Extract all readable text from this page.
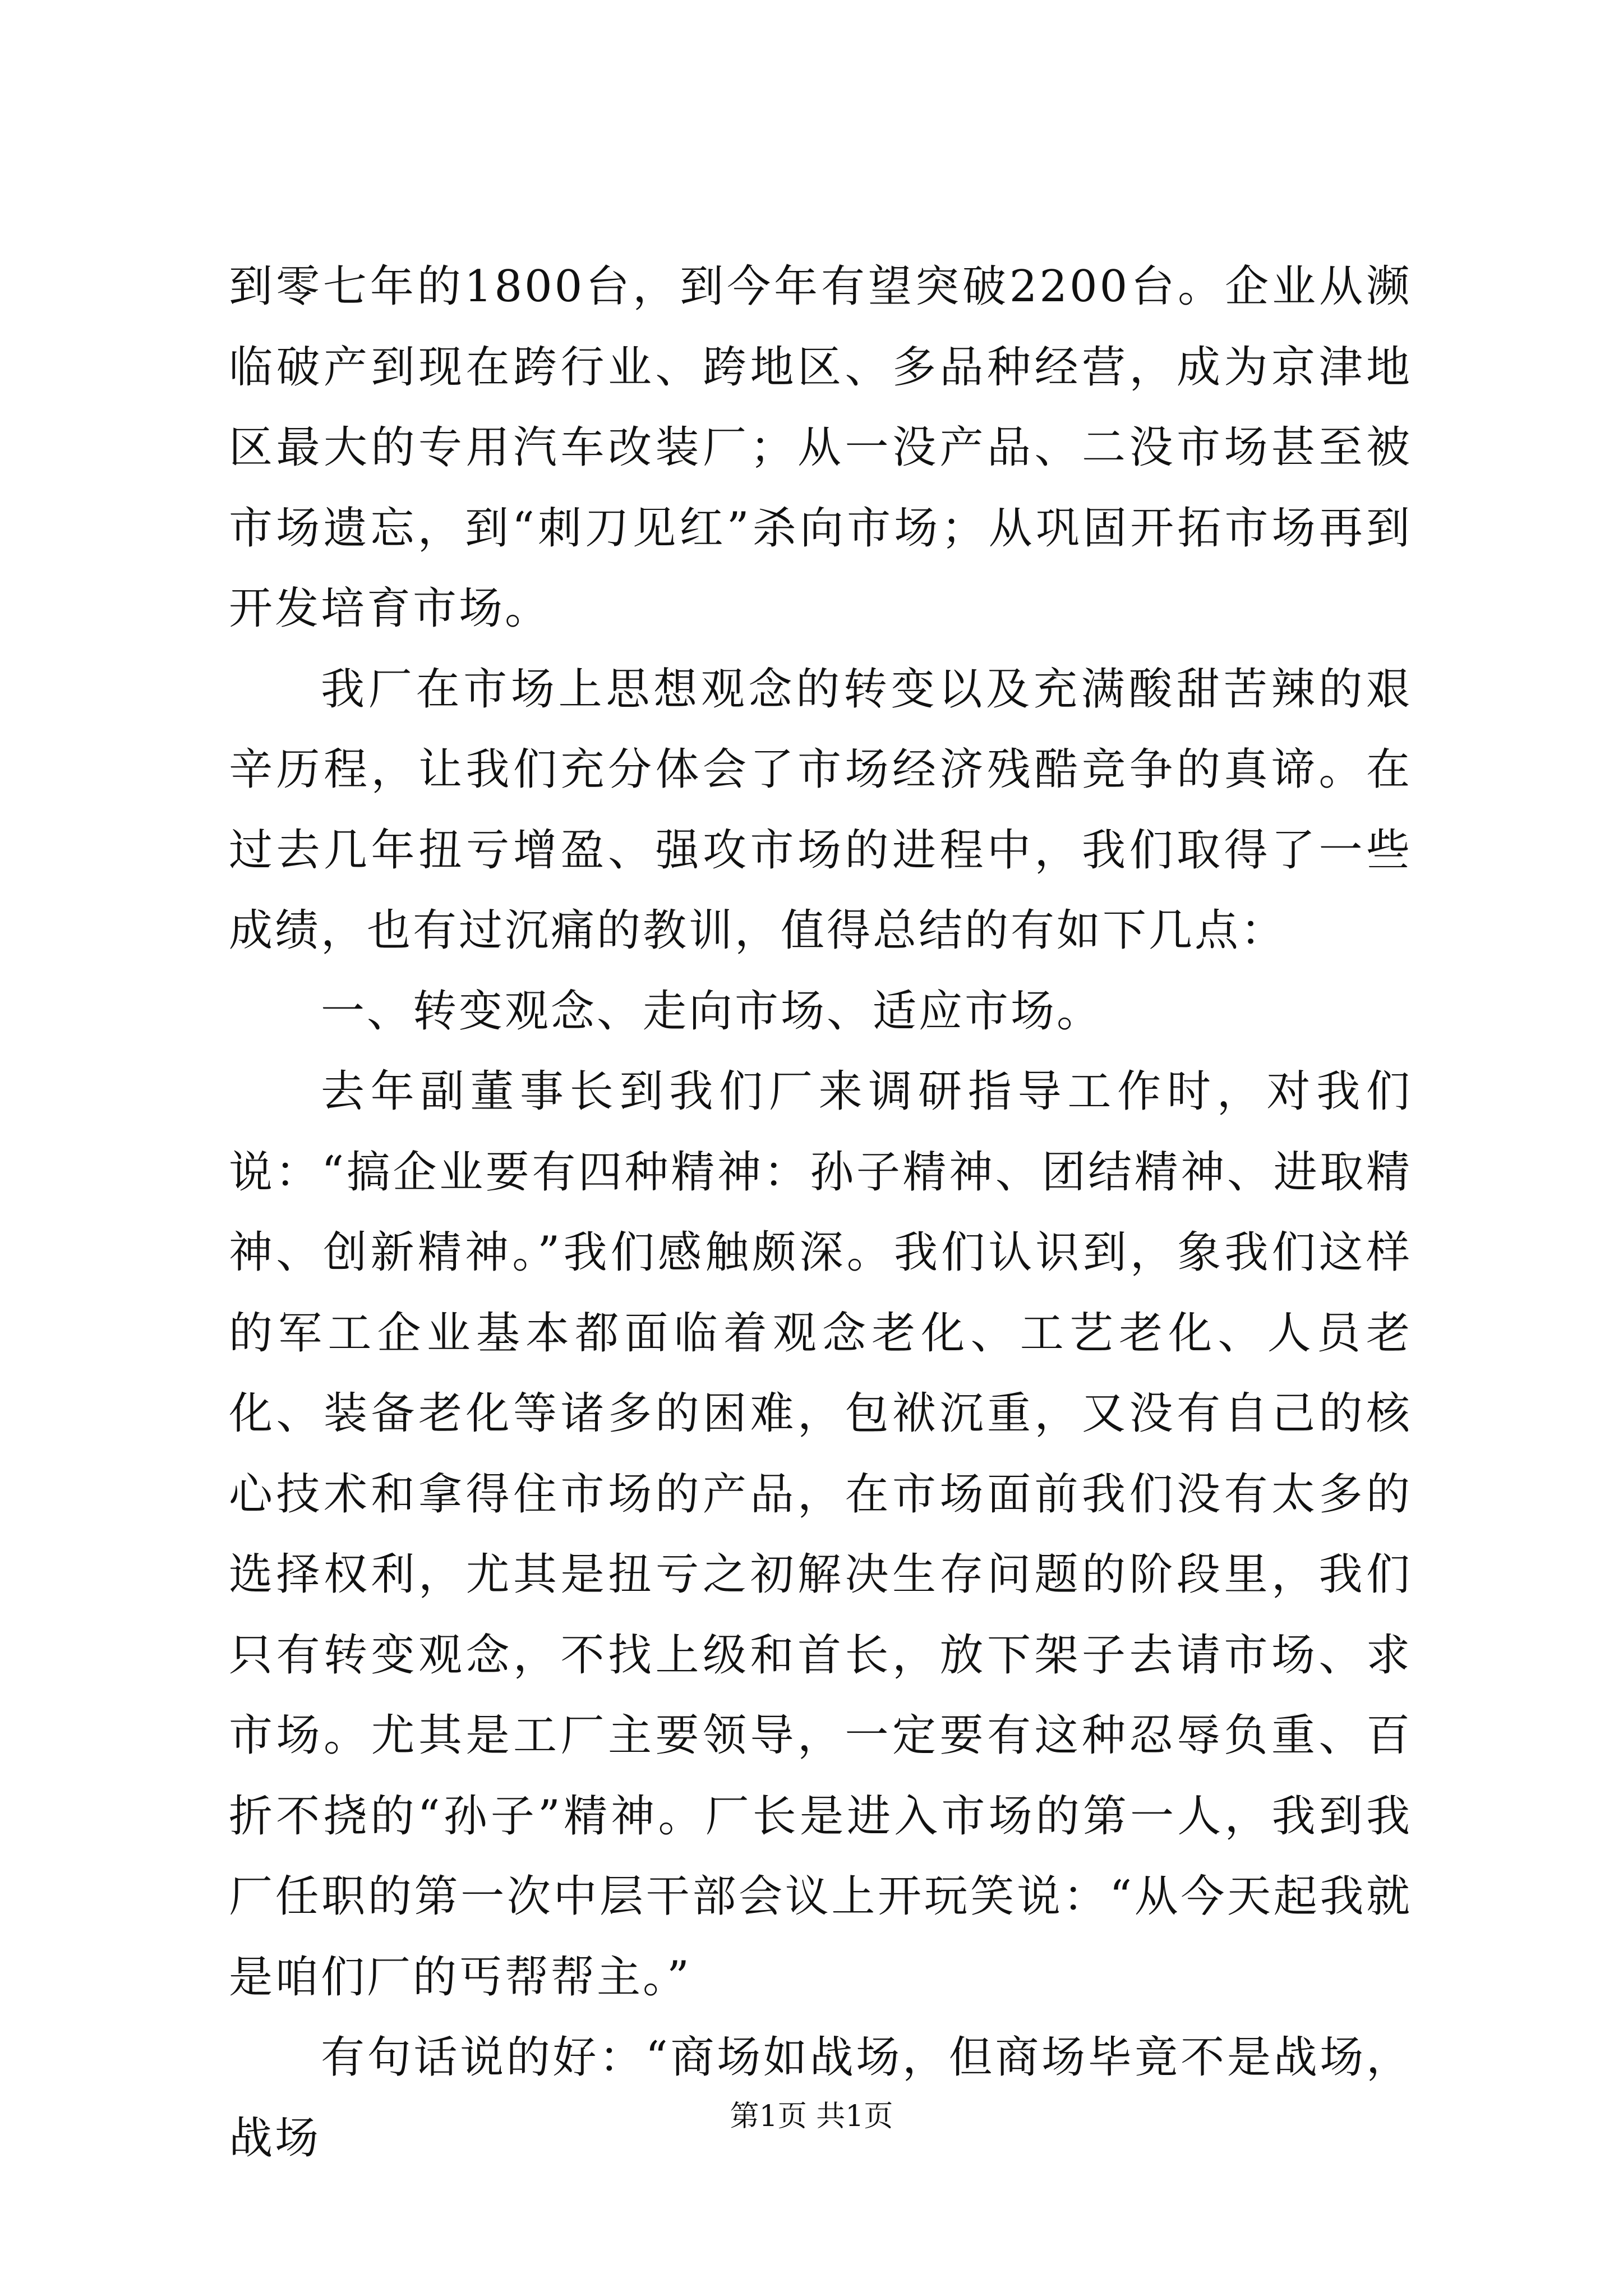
到零七年的1800台，到今年有望突破2200台。企业从濒临破产到现在跨行业、跨地区、多品种经营，成为京津地区最大的专用汽车改装厂；从一没产品、二没市场甚至被市场遗忘，到“刺刀见红”杀向市场；从巩固开拓市场再到开发培育市场。

我厂在市场上思想观念的转变以及充满酸甜苦辣的艰辛历程，让我们充分体会了市场经济残酷竞争的真谛。在过去几年扭亏增盈、强攻市场的进程中，我们取得了一些成绩，也有过沉痛的教训，值得总结的有如下几点：

一、转变观念、走向市场、适应市场。

去年副董事长到我们厂来调研指导工作时，对我们说：“搞企业要有四种精神：孙子精神、团结精神、进取精神、创新精神。”我们感触颇深。我们认识到，象我们这样的军工企业基本都面临着观念老化、工艺老化、人员老化、装备老化等诸多的困难，包袱沉重，又没有自己的核心技术和拿得住市场的产品，在市场面前我们没有太多的选择权利，尤其是扭亏之初解决生存问题的阶段里，我们只有转变观念，不找上级和首长，放下架子去请市场、求市场。尤其是工厂主要领导，一定要有这种忍辱负重、百折不挠的“孙子”精神。厂长是进入市场的第一人，我到我厂任职的第一次中层干部会议上开玩笑说：“从今天起我就是咱们厂的丐帮帮主。”

有句话说的好：“商场如战场，但商场毕竟不是战场，战场	第1页 共1页
